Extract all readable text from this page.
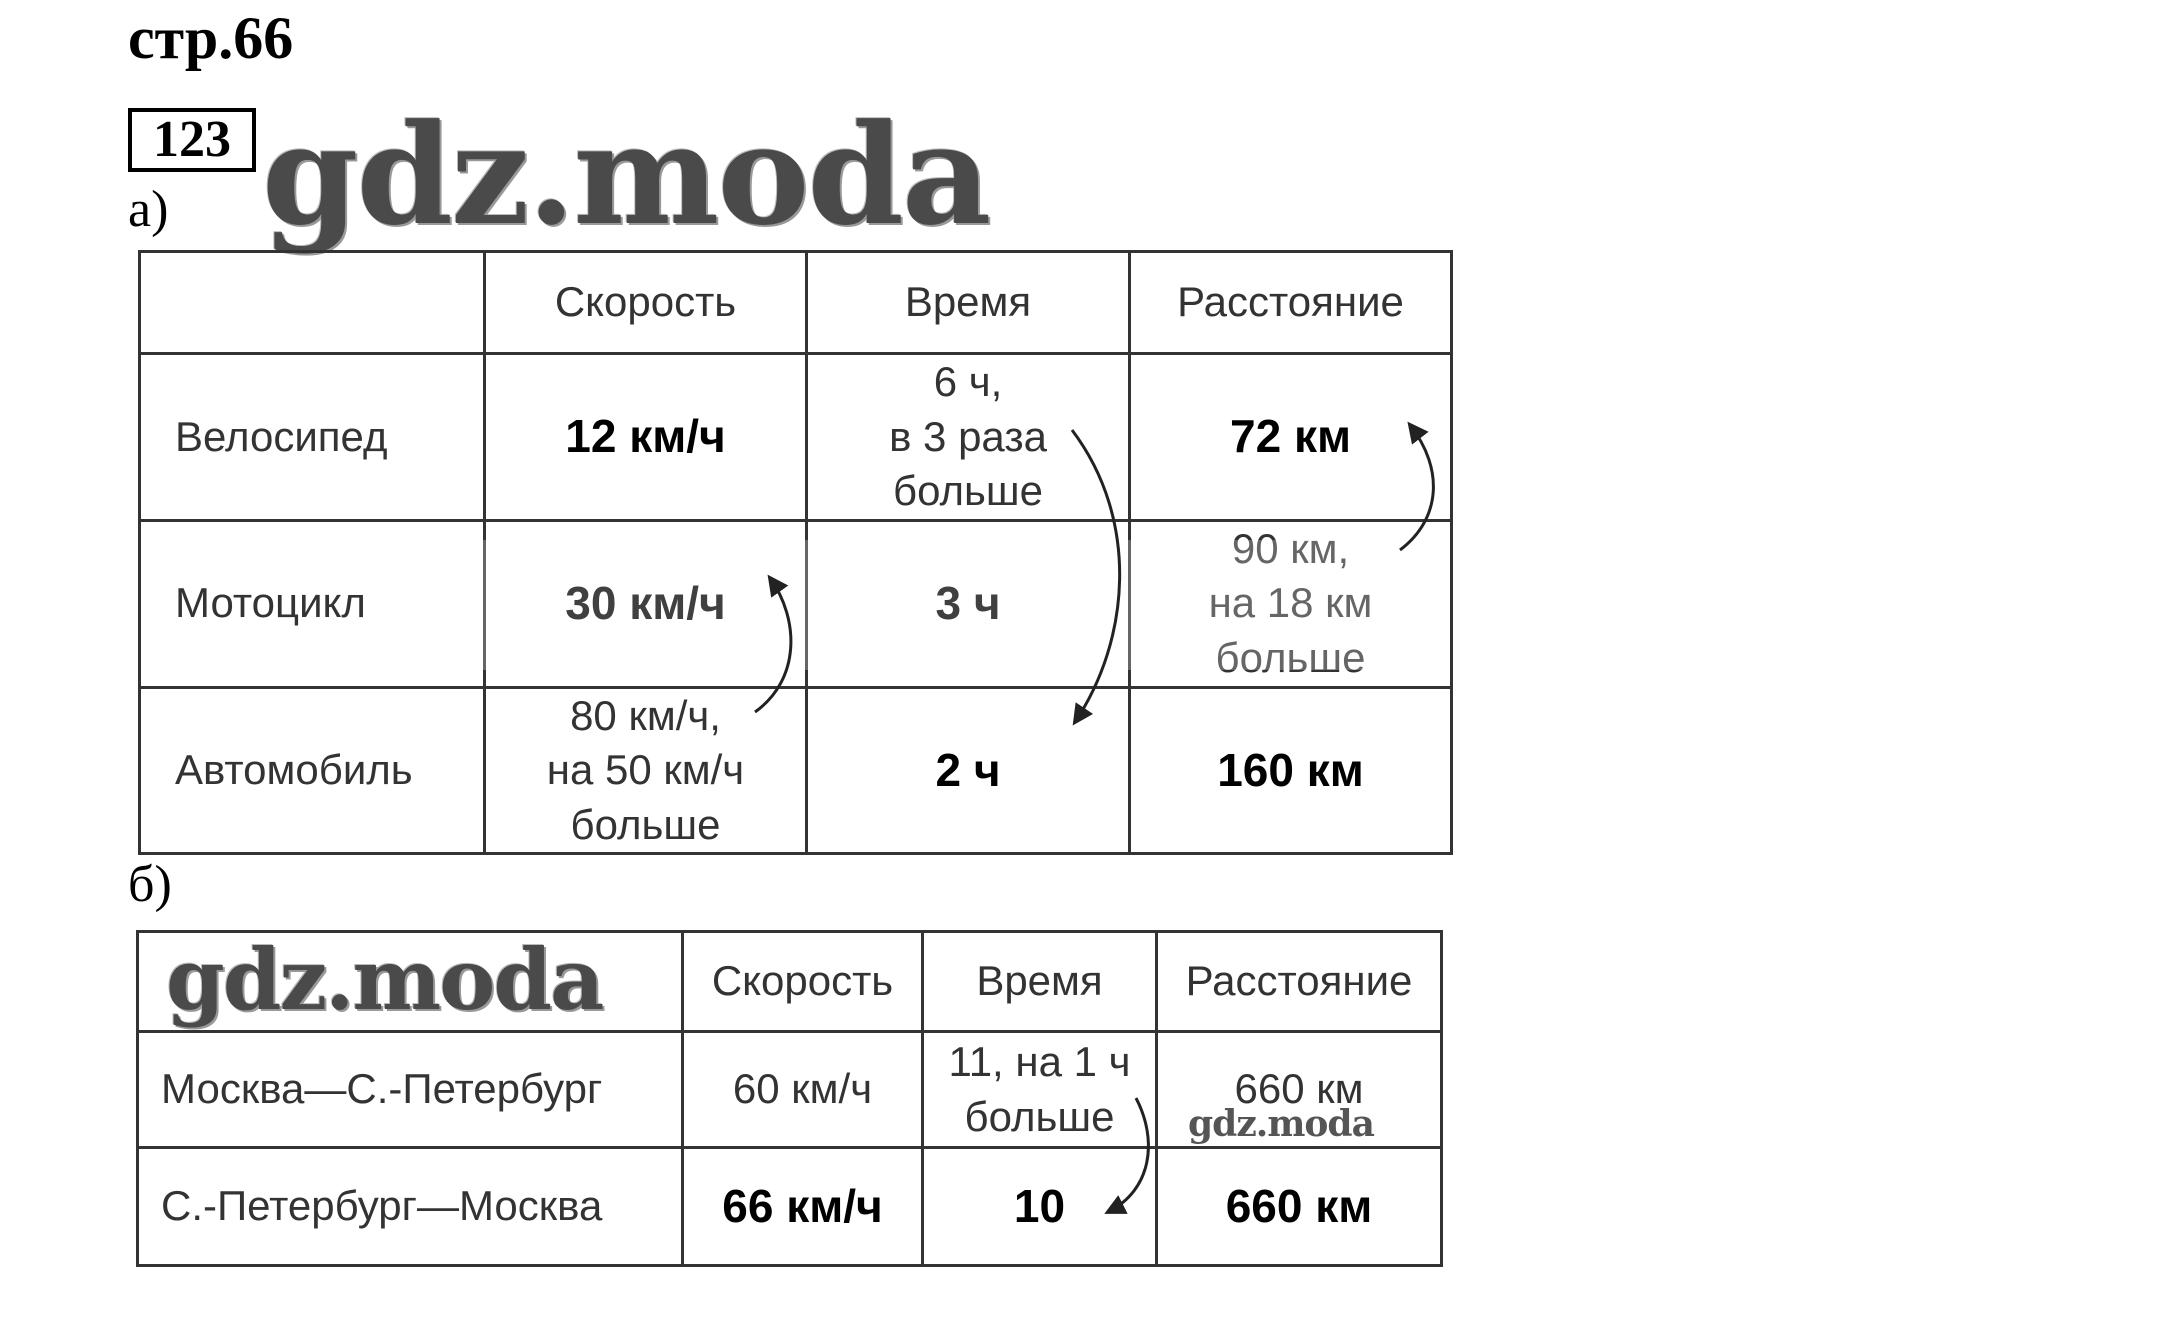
стр.66
123 gdz.moda
а)
	Скорость	Время	Расстояние
Велосипед	12 км/ч	6 ч,
в 3 раза
больше	72 км
Мотоцикл	30 км/ч	3 ч	90 км,
на 18 км
больше

Автомобиль	80 км/ч,
на 50 км/ч
больше	2 ч	160 км
б)
	Скорость	Время	Расстояние
Москва—С.-Петербург	60 км/ч	11, на 1 ч
больше	660 км
С.-Петербург—Москва	66 км/ч	10	660 км
gdz.moda
gdz.moda
